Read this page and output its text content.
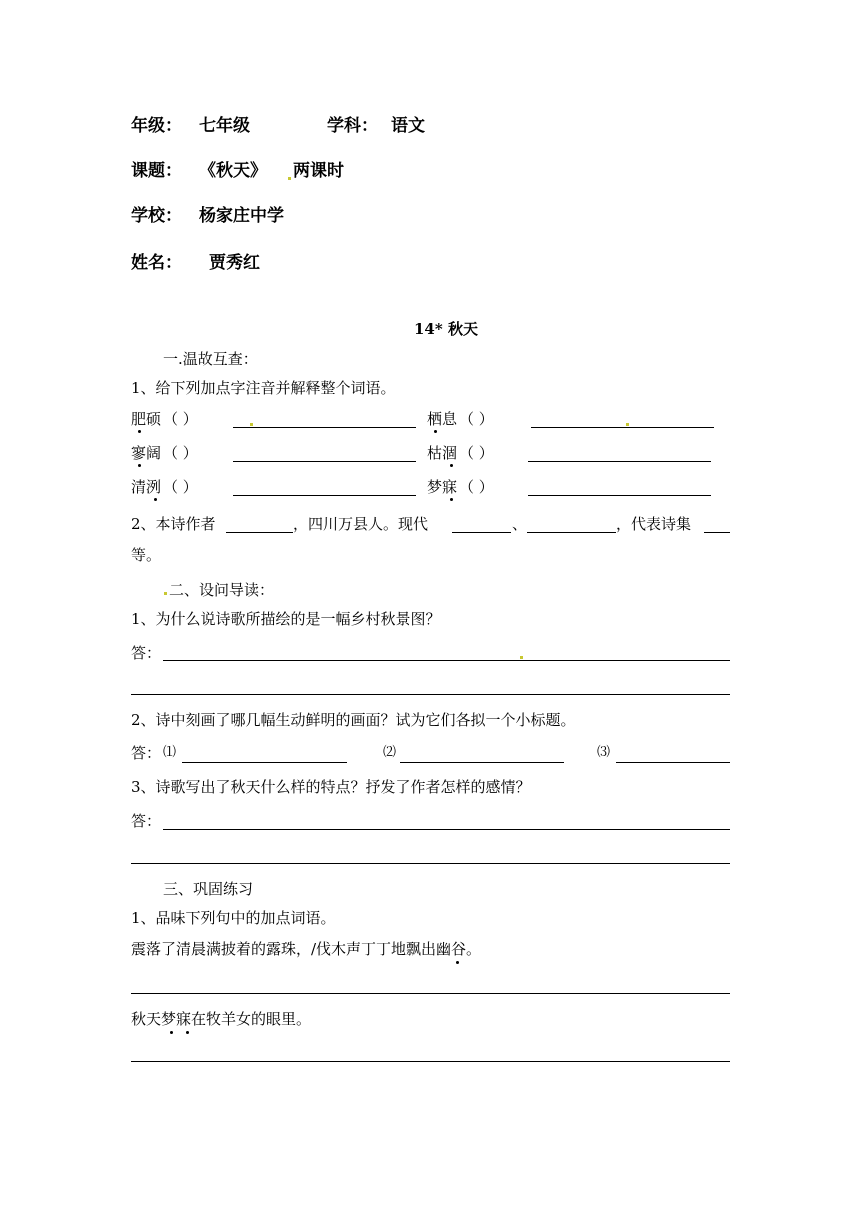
年级： 七年级	学科： 语文
课题： 《秋天》 两课时
学校： 杨家庄中学
姓名： 贾秀红
14* 秋天
一.温故互查：
1、给下列加点字注音并解释整个词语。
肥硕 （ ）	栖息 （ ）
寥阔 （ ）	枯涸 （ ）
清洌 （ ）	梦寐 （ ）
2、本诗作者	，四川万县人。现代	、	，代表诗集
等。
二、设问导读：
1、为什么说诗歌所描绘的是一幅乡村秋景图？
答：
2、诗中刻画了哪几幅生动鲜明的画面？试为它们各拟一个小标题。
答： ⑴	⑵	⑶
3、诗歌写出了秋天什么样的特点？抒发了作者怎样的感情？
答：
三、巩固练习
1、品味下列句中的加点词语。
震落了清晨满披着的露珠，/伐木声丁丁地飘出幽谷。
秋天梦寐在牧羊女的眼里。
